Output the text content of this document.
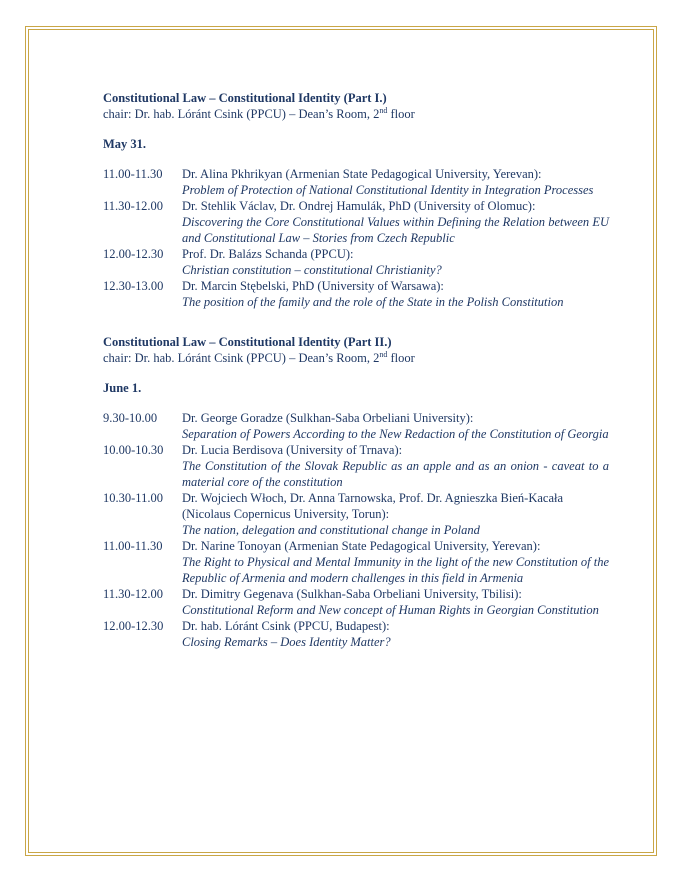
Constitutional Law – Constitutional Identity (Part I.)
chair: Dr. hab. Lóránt Csink (PPCU) – Dean’s Room, 2nd floor
May 31.
11.00-11.30	Dr. Alina Pkhrikyan (Armenian State Pedagogical University, Yerevan):
Problem of Protection of National Constitutional Identity in Integration Processes
11.30-12.00	Dr. Stehlik Václav, Dr. Ondrej Hamulák, PhD (University of Olomuc):
Discovering the Core Constitutional Values within Defining the Relation between EU and Constitutional Law – Stories from Czech Republic
12.00-12.30	Prof. Dr. Balázs Schanda (PPCU):
Christian constitution – constitutional Christianity?
12.30-13.00	Dr. Marcin Stębelski, PhD (University of Warsawa):
The position of the family and the role of the State in the Polish Constitution
Constitutional Law – Constitutional Identity (Part II.)
chair: Dr. hab. Lóránt Csink (PPCU) – Dean’s Room, 2nd floor
June 1.
9.30-10.00	Dr. George Goradze (Sulkhan-Saba Orbeliani University):
Separation of Powers According to the New Redaction of the Constitution of Georgia
10.00-10.30	Dr. Lucia Berdisova (University of Trnava):
The Constitution of the Slovak Republic as an apple and as an onion - caveat to a material core of the constitution
10.30-11.00	Dr. Wojciech Włoch, Dr. Anna Tarnowska, Prof. Dr. Agnieszka Bień-Kacała (Nicolaus Copernicus University, Torun):
The nation, delegation and constitutional change in Poland
11.00-11.30	Dr. Narine Tonoyan (Armenian State Pedagogical University, Yerevan):
The Right to Physical and Mental Immunity in the light of the new Constitution of the Republic of Armenia and modern challenges in this field in Armenia
11.30-12.00	Dr. Dimitry Gegenava (Sulkhan-Saba Orbeliani University, Tbilisi):
Constitutional Reform and New concept of Human Rights in Georgian Constitution
12.00-12.30	Dr. hab. Lóránt Csink (PPCU, Budapest):
Closing Remarks – Does Identity Matter?
